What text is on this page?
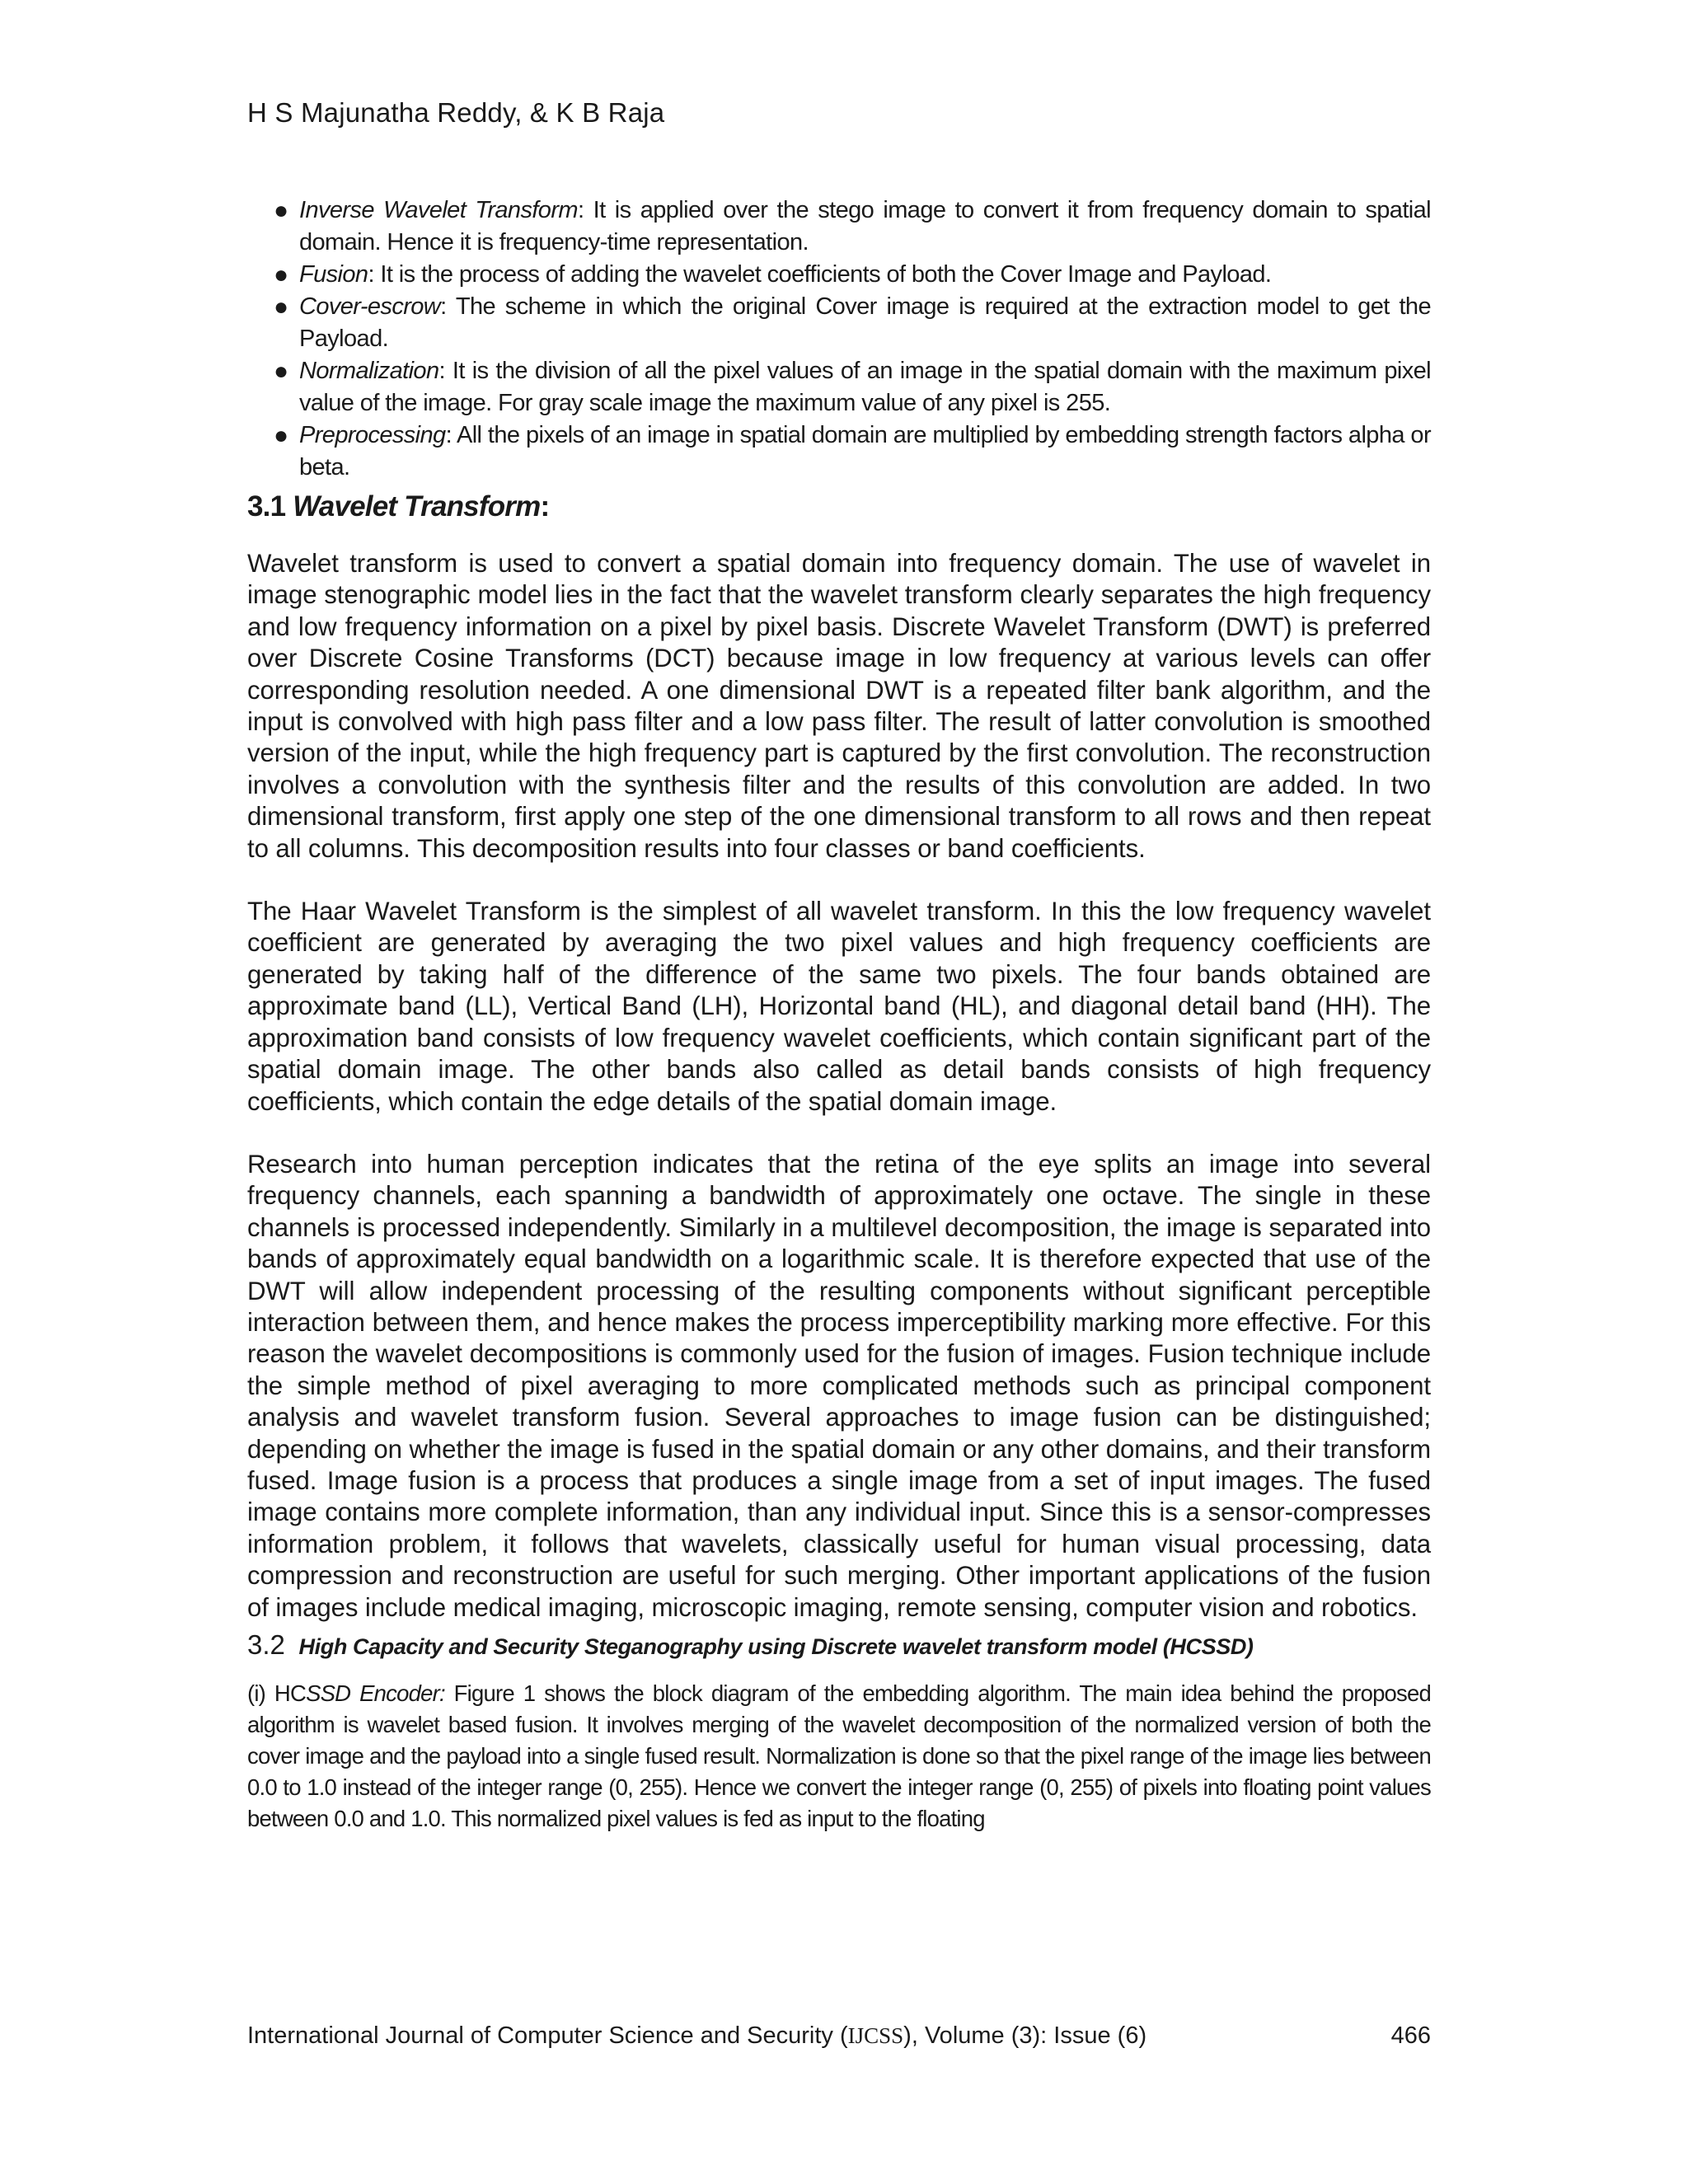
H S Majunatha Reddy, & K B Raja
● Inverse Wavelet Transform: It is applied over the stego image to convert it from frequency domain to spatial domain. Hence it is frequency-time representation.
● Fusion: It is the process of adding the wavelet coefficients of both the Cover Image and Payload.
● Cover-escrow: The scheme in which the original Cover image is required at the extraction model to get the Payload.
● Normalization: It is the division of all the pixel values of an image in the spatial domain with the maximum pixel value of the image. For gray scale image the maximum value of any pixel is 255.
● Preprocessing: All the pixels of an image in spatial domain are multiplied by embedding strength factors alpha or beta.
3.1 Wavelet Transform:

Wavelet transform is used to convert a spatial domain into frequency domain. The use of wavelet in image stenographic model lies in the fact that the wavelet transform clearly separates the high frequency and low frequency information on a pixel by pixel basis. Discrete Wavelet Transform (DWT) is preferred over Discrete Cosine Transforms (DCT) because image in low frequency at various levels can offer corresponding resolution needed. A one dimensional DWT is a repeated filter bank algorithm, and the input is convolved with high pass filter and a low pass filter. The result of latter convolution is smoothed version of the input, while the high frequency part is captured by the first convolution. The reconstruction involves a convolution with the synthesis filter and the results of this convolution are added. In two dimensional transform, first apply one step of the one dimensional transform to all rows and then repeat to all columns. This decomposition results into four classes or band coefficients.

The Haar Wavelet Transform is the simplest of all wavelet transform. In this the low frequency wavelet coefficient are generated by averaging the two pixel values and high frequency coefficients are generated by taking half of the difference of the same two pixels. The four bands obtained are approximate band (LL), Vertical Band (LH), Horizontal band (HL), and diagonal detail band (HH). The approximation band consists of low frequency wavelet coefficients, which contain significant part of the spatial domain image. The other bands also called as detail bands consists of high frequency coefficients, which contain the edge details of the spatial domain image.

Research into human perception indicates that the retina of the eye splits an image into several frequency channels, each spanning a bandwidth of approximately one octave. The single in these channels is processed independently. Similarly in a multilevel decomposition, the image is separated into bands of approximately equal bandwidth on a logarithmic scale. It is therefore expected that use of the DWT will allow independent processing of the resulting components without significant perceptible interaction between them, and hence makes the process imperceptibility marking more effective. For this reason the wavelet decompositions is commonly used for the fusion of images. Fusion technique include the simple method of pixel averaging to more complicated methods such as principal component analysis and wavelet transform fusion. Several approaches to image fusion can be distinguished; depending on whether the image is fused in the spatial domain or any other domains, and their transform fused. Image fusion is a process that produces a single image from a set of input images. The fused image contains more complete information, than any individual input. Since this is a sensor-compresses information problem, it follows that wavelets, classically useful for human visual processing, data compression and reconstruction are useful for such merging. Other important applications of the fusion of images include medical imaging, microscopic imaging, remote sensing, computer vision and robotics.

3.2 High Capacity and Security Steganography using Discrete wavelet transform model (HCSSD)

(i) HCSSD Encoder: Figure 1 shows the block diagram of the embedding algorithm. The main idea behind the proposed algorithm is wavelet based fusion. It involves merging of the wavelet decomposition of the normalized version of both the cover image and the payload into a single fused result. Normalization is done so that the pixel range of the image lies between 0.0 to 1.0 instead of the integer range (0, 255). Hence we convert the integer range (0, 255) of pixels into floating point values between 0.0 and 1.0. This normalized pixel values is fed as input to the floating

International Journal of Computer Science and Security (IJCSS), Volume (3): Issue (6)	466
